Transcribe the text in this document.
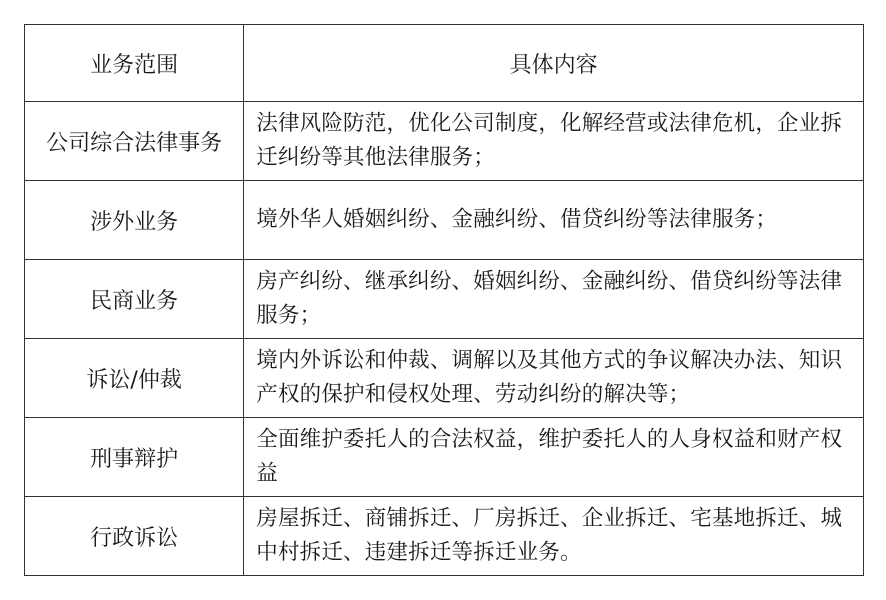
业务范围	具体内容
公司综合法律事务	法律风险防范，优化公司制度，化解经营或法律危机，企业拆迁纠纷等其他法律服务；
涉外业务	境外华人婚姻纠纷、金融纠纷、借贷纠纷等法律服务；
民商业务	房产纠纷、继承纠纷、婚姻纠纷、金融纠纷、借贷纠纷等法律服务；
诉讼/仲裁	境内外诉讼和仲裁、调解以及其他方式的争议解决办法、知识产权的保护和侵权处理、劳动纠纷的解决等；
刑事辩护	全面维护委托人的合法权益，维护委托人的人身权益和财产权益
行政诉讼	房屋拆迁、商铺拆迁、厂房拆迁、企业拆迁、宅基地拆迁、城中村拆迁、违建拆迁等拆迁业务。
